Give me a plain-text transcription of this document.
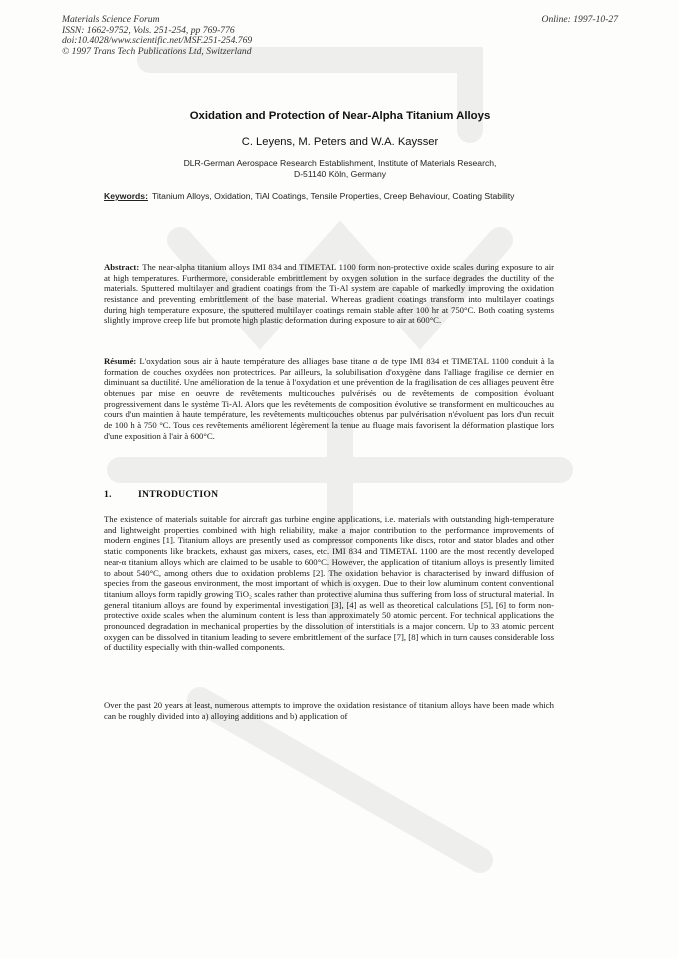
Materials Science Forum
ISSN: 1662-9752, Vols. 251-254, pp 769-776
doi:10.4028/www.scientific.net/MSF.251-254.769
© 1997 Trans Tech Publications Ltd, Switzerland
Online: 1997-10-27
Oxidation and Protection of Near-Alpha Titanium Alloys
C. Leyens, M. Peters and W.A. Kaysser
DLR-German Aerospace Research Establishment, Institute of Materials Research,
D-51140 Köln, Germany
Keywords: Titanium Alloys, Oxidation, TiAl Coatings, Tensile Properties, Creep Behaviour, Coating Stability
Abstract: The near-alpha titanium alloys IMI 834 and TIMETAL 1100 form non-protective oxide scales during exposure to air at high temperatures. Furthermore, considerable embrittlement by oxygen solution in the surface degrades the ductility of the materials. Sputtered multilayer and gradient coatings from the Ti-Al system are capable of markedly improving the oxidation resistance and preventing embrittlement of the base material. Whereas gradient coatings transform into multilayer coatings during high temperature exposure, the sputtered multilayer coatings remain stable after 100 hr at 750°C. Both coating systems slightly improve creep life but promote high plastic deformation during exposure to air at 600°C.
Résumé: L'oxydation sous air à haute température des alliages base titane α de type IMI 834 et TIMETAL 1100 conduit à la formation de couches oxydées non protectrices. Par ailleurs, la solubilisation d'oxygène dans l'alliage fragilise ce dernier en diminuant sa ductilité. Une amélioration de la tenue à l'oxydation et une prévention de la fragilisation de ces alliages peuvent être obtenues par mise en oeuvre de revêtements multicouches pulvérisés ou de revêtements de composition évoluant progressivement dans le système Ti-Al. Alors que les revêtements de composition évolutive se transforment en multicouches au cours d'un maintien à haute température, les revêtements multicouches obtenus par pulvérisation n'évoluent pas lors d'un recuit de 100 h à 750 °C. Tous ces revêtements améliorent légèrement la tenue au fluage mais favorisent la déformation plastique lors d'une exposition à l'air à 600°C.
1.	INTRODUCTION
The existence of materials suitable for aircraft gas turbine engine applications, i.e. materials with outstanding high-temperature and lightweight properties combined with high reliability, make a major contribution to the performance improvements of modern engines [1]. Titanium alloys are presently used as compressor components like discs, rotor and stator blades and other static components like brackets, exhaust gas mixers, cases, etc. IMI 834 and TIMETAL 1100 are the most recently developed near-α titanium alloys which are claimed to be usable to 600°C. However, the application of titanium alloys is presently limited to about 540°C, among others due to oxidation problems [2]. The oxidation behavior is characterised by inward diffusion of species from the gaseous environment, the most important of which is oxygen. Due to their low aluminum content conventional titanium alloys form rapidly growing TiO₂ scales rather than protective alumina thus suffering from loss of structural material. In general titanium alloys are found by experimental investigation [3], [4] as well as theoretical calculations [5], [6] to form non-protective oxide scales when the aluminum content is less than approximately 50 atomic percent. For technical applications the pronounced degradation in mechanical properties by the dissolution of interstitials is a major concern. Up to 33 atomic percent oxygen can be dissolved in titanium leading to severe embrittlement of the surface [7], [8] which in turn causes considerable loss of ductility especially with thin-walled components.
Over the past 20 years at least, numerous attempts to improve the oxidation resistance of titanium alloys have been made which can be roughly divided into a) alloying additions and b) application of
